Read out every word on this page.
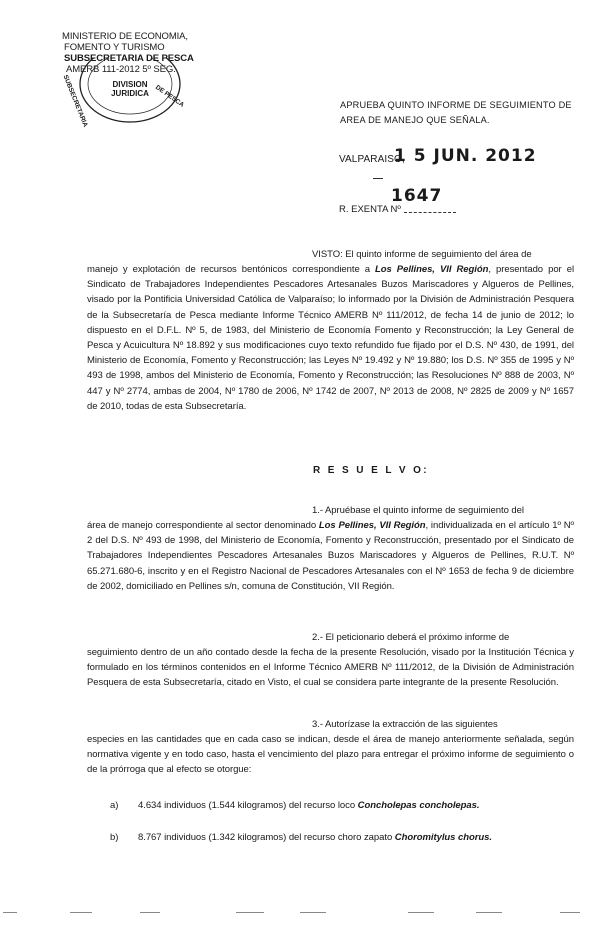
MINISTERIO DE ECONOMIA,
FOMENTO Y TURISMO
SUBSECRETARIA DE PESCA
AMERB 111-2012 5º SEG.
DIVISION
JURIDICA
SUBSECRETARIA	DE PESCA	APRUEBA QUINTO INFORME DE SEGUIMIENTO DE AREA DE MANEJO QUE SEÑALA.
VALPARAISO,
1 5 JUN. 2012
1647
R. EXENTA Nº
VISTO: El quinto informe de seguimiento del área de
manejo y explotación de recursos bentónicos correspondiente a Los Pellines, VII Región, presentado por el Sindicato de Trabajadores Independientes Pescadores Artesanales Buzos Mariscadores y Algueros de Pellines, visado por la Pontificia Universidad Católica de Valparaíso; lo informado por la División de Administración Pesquera de la Subsecretaría de Pesca mediante Informe Técnico AMERB Nº 111/2012, de fecha 14 de junio de 2012; lo dispuesto en el D.F.L. Nº 5, de 1983, del Ministerio de Economía Fomento y Reconstrucción; la Ley General de Pesca y Acuicultura Nº 18.892 y sus modificaciones cuyo texto refundido fue fijado por el D.S. Nº 430, de 1991, del Ministerio de Economía, Fomento y Reconstrucción; las Leyes Nº 19.492 y Nº 19.880; los D.S. Nº 355 de 1995 y Nº 493 de 1998, ambos del Ministerio de Economía, Fomento y Reconstrucción; las Resoluciones Nº 888 de 2003, Nº 447 y Nº 2774, ambas de 2004, Nº 1780 de 2006, Nº 1742 de 2007, Nº 2013 de 2008, Nº 2825 de 2009 y Nº 1657 de 2010, todas de esta Subsecretaría.
R E S U E L V O:
1.- Apruébase el quinto informe de seguimiento del
área de manejo correspondiente al sector denominado Los Pellines, VII Región, individualizada en el artículo 1º Nº 2 del D.S. Nº 493 de 1998, del Ministerio de Economía, Fomento y Reconstrucción, presentado por el Sindicato de Trabajadores Independientes Pescadores Artesanales Buzos Mariscadores y Algueros de Pellines, R.U.T. Nº 65.271.680-6, inscrito y en el Registro Nacional de Pescadores Artesanales con el Nº 1653 de fecha 9 de diciembre de 2002, domiciliado en Pellines s/n, comuna de Constitución, VII Región.
2.- El peticionario deberá el próximo informe de
seguimiento dentro de un año contado desde la fecha de la presente Resolución, visado por la Institución Técnica y formulado en los términos contenidos en el Informe Técnico AMERB Nº 111/2012, de la División de Administración Pesquera de esta Subsecretaría, citado en Visto, el cual se considera parte integrante de la presente Resolución.
3.- Autorízase la extracción de las siguientes
especies en las cantidades que en cada caso se indican, desde el área de manejo anteriormente señalada, según normativa vigente y en todo caso, hasta el vencimiento del plazo para entregar el próximo informe de seguimiento o de la prórroga que al efecto se otorgue:
a) 4.634 individuos (1.544 kilogramos) del recurso loco Concholepas concholepas.
b) 8.767 individuos (1.342 kilogramos) del recurso choro zapato Choromitylus chorus.
